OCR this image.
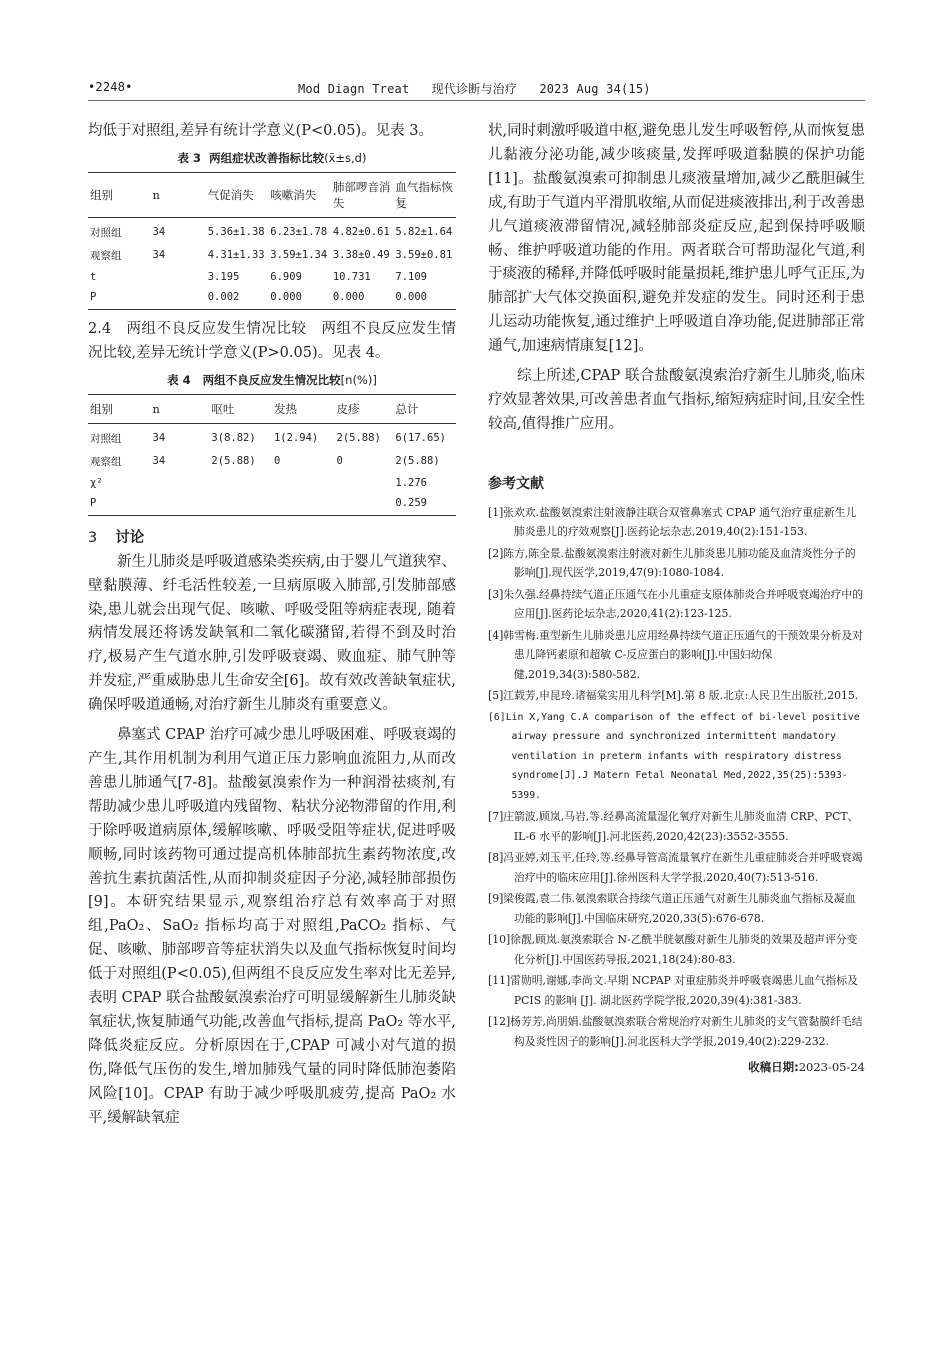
•2248•	Mod Diagn Treat   现代诊断与治疗   2023 Aug 34(15)

均低于对照组,差异有统计学意义(P<0.05)。见表 3。

表 3 两组症状改善指标比较(x̄±s,d)
组别	n	气促消失	咳嗽消失	肺部啰音消失	血气指标恢复
对照组	34	5.36±1.38	6.23±1.78	4.82±0.61	5.82±1.64
观察组	34	4.31±1.33	3.59±1.34	3.38±0.49	3.59±0.81
t		3.195	6.909	10.731	7.109
P		0.002	0.000	0.000	0.000

2.4　两组不良反应发生情况比较　两组不良反应发生情况比较,差异无统计学意义(P>0.05)。见表 4。

表 4 两组不良反应发生情况比较[n(%)]
组别	n	呕吐	发热	皮疹	总计
对照组	34	3(8.82)	1(2.94)	2(5.88)	6(17.65)
观察组	34	2(5.88)	0	0	2(5.88)
χ²					1.276
P					0.259
3 讨论

新生儿肺炎是呼吸道感染类疾病,由于婴儿气道狭窄、壁黏膜薄、纤毛活性较差,一旦病原吸入肺部,引发肺部感染,患儿就会出现气促、咳嗽、呼吸受阻等病症表现, 随着病情发展还将诱发缺氧和二氧化碳潴留,若得不到及时治疗,极易产生气道水肿,引发呼吸衰竭、败血症、肺气肿等并发症,严重威胁患儿生命安全[6]。故有效改善缺氧症状,确保呼吸道通畅,对治疗新生儿肺炎有重要意义。

鼻塞式 CPAP 治疗可减少患儿呼吸困难、呼吸衰竭的产生,其作用机制为利用气道正压力影响血流阻力,从而改善患儿肺通气[7-8]。盐酸氨溴索作为一种润滑祛痰剂,有帮助减少患儿呼吸道内残留物、粘状分泌物滞留的作用,利于除呼吸道病原体,缓解咳嗽、呼吸受阻等症状,促进呼吸顺畅,同时该药物可通过提高机体肺部抗生素药物浓度,改善抗生素抗菌活性,从而抑制炎症因子分泌,减轻肺部损伤[9]。本研究结果显示,观察组治疗总有效率高于对照组,PaO₂、SaO₂ 指标均高于对照组,PaCO₂ 指标、气促、咳嗽、肺部啰音等症状消失以及血气指标恢复时间均低于对照组(P<0.05),但两组不良反应发生率对比无差异,表明 CPAP 联合盐酸氨溴索治疗可明显缓解新生儿肺炎缺氧症状,恢复肺通气功能,改善血气指标,提高 PaO₂ 等水平,降低炎症反应。分析原因在于,CPAP 可减小对气道的损伤,降低气压伤的发生,增加肺残气量的同时降低肺泡萎陷风险[10]。CPAP 有助于减少呼吸肌疲劳,提高 PaO₂ 水平,缓解缺氧症

状,同时刺激呼吸道中枢,避免患儿发生呼吸暂停,从而恢复患儿黏液分泌功能,减少咳痰量,发挥呼吸道黏膜的保护功能[11]。盐酸氨溴索可抑制患儿痰液量增加,减少乙酰胆碱生成,有助于气道内平滑肌收缩,从而促进痰液排出,利于改善患儿气道痰液滞留情况,减轻肺部炎症反应,起到保持呼吸顺畅、维护呼吸道功能的作用。两者联合可帮助湿化气道,利于痰液的稀释,并降低呼吸时能量损耗,维护患儿呼气正压,为肺部扩大气体交换面积,避免并发症的发生。同时还利于患儿运动功能恢复,通过维护上呼吸道自净功能,促进肺部正常通气,加速病情康复[12]。

综上所述,CPAP 联合盐酸氨溴索治疗新生儿肺炎,临床疗效显著效果,可改善患者血气指标,缩短病症时间,且安全性较高,值得推广应用。

参考文献

[1]张欢欢.盐酸氨溴索注射液静注联合双管鼻塞式 CPAP 通气治疗重症新生儿肺炎患儿的疗效观察[J].医药论坛杂志,2019,40(2):151-153.

[2]陈方,陈全景.盐酸氨溴索注射液对新生儿肺炎患儿肺功能及血清炎性分子的影响[J].现代医学,2019,47(9):1080-1084.

[3]朱久强.经鼻持续气道正压通气在小儿重症支原体肺炎合并呼吸衰竭治疗中的应用[J].医药论坛杂志,2020,41(2):123-125.

[4]韩雪梅.重型新生儿肺炎患儿应用经鼻持续气道正压通气的干预效果分析及对患儿降钙素原和超敏 C-反应蛋白的影响[J].中国妇幼保健,2019,34(3):580-582.

[5]江载芳,申昆玲.诸福棠实用儿科学[M].第 8 版.北京:人民卫生出版社,2015.

[6]Lin X,Yang C.A comparison of the effect of bi-level positive airway pressure and synchronized intermittent mandatory ventilation in preterm infants with respiratory distress syndrome[J].J Matern Fetal Neonatal Med,2022,35(25):5393-5399.

[7]庄箭波,顾岚,马岩,等.经鼻高流量湿化氧疗对新生儿肺炎血清 CRP、PCT、IL-6 水平的影响[J].河北医药,2020,42(23):3552-3555.

[8]冯亚婷,刘玉平,任玲,等.经鼻导管高流量氧疗在新生儿重症肺炎合并呼吸衰竭治疗中的临床应用[J].徐州医科大学学报,2020,40(7):513-516.

[9]梁俊霞,袁二伟.氨溴索联合持续气道正压通气对新生儿肺炎血气指标及凝血功能的影响[J].中国临床研究,2020,33(5):676-678.

[10]徐靓,顾岚.氨溴索联合 N-乙酰半胱氨酸对新生儿肺炎的效果及超声评分变化分析[J].中国医药导报,2021,18(24):80-83.

[11]雷勋明,谢娜,李尚文.早期 NCPAP 对重症肺炎并呼吸衰竭患儿血气指标及PCIS 的影响 [J]. 湖北医药学院学报,2020,39(4):381-383.

[12]杨芳芳,尚朋娟.盐酸氨溴索联合常规治疗对新生儿肺炎的支气管黏膜纤毛结构及炎性因子的影响[J].河北医科大学学报,2019,40(2):229-232.

收稿日期:2023-05-24
